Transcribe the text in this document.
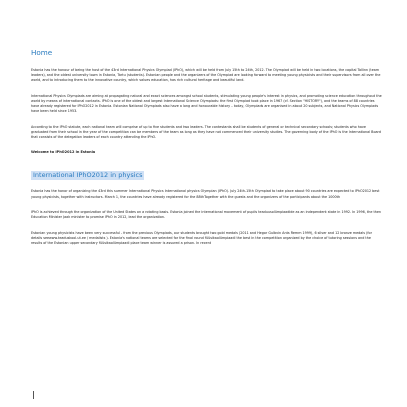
Home

Estonia has the honour of being the host of the 43rd International Physics Olympiad (IPhO), which will be held from July 15th to 24th, 2012. The Olympiad will be held in two locations, the capital Tallinn (team leaders), and the oldest university town in Estonia, Tartu (students). Estonian people and the organizers of the Olympiad are looking forward to meeting young physicists and their supervisors from all over the world, and to introducing them to the innovative country, which values education, has rich cultural heritage and beautiful land.

International Physics Olympiads are aiming at propagating natural and exact sciences amongst school students, stimulating young people's interest in physics, and promoting science education throughout the world by means of international contacts. IPhO is one of the oldest and largest International Science Olympiads: the first Olympiad took place in 1967 (cf. Section "HISTORY"), and the teams of 88 countries have already registered for IPhO2012 in Estonia. Estonian National Olympiads also have a long and honourable history – today, Olympiads are organised in about 20 subjects, and National Physics Olympiads have been held since 1953.

According to the IPhO statute, each national team will comprise of up to five students and two leaders. The contestants shall be students of general or technical secondary schools; students who have graduated from their school in the year of the competition can be members of the team as long as they have not commenced their university studies. The governing body of the IPhO is the International Board that consists of the delegation leaders of each country attending the IPhO.

Welcome to IPhO2012 in Estonia
International IPhO2012 in physics

Estonia has the honor of organizing the 43rd this summer International Physics International physics Olympian (IPhO). July 24th-15th Olympiad to take place about 90 countries are expected to IPhO2012 best young physicists, together with instructors. March 1, the countries have already registered for the 88thTogether with the guests and the organizers of the participants about the 1000th

IPhO is achieved through the organization of the United States on a rotating basis. Estonia joined the international movement of pupils teaduusolümpiaadide as an independent state in 1992. In 1996, the then Education Minister Jaak minister to promise IPhO in 2012, lead the organization.

Estonian young physicists have been very successful - from the previous Olympiads, our students brought two gold medals (2011 and Hegor Gulbvin Ants Remm 1999), 6 silver and 12 bronze medals (for details seewww.teaduskool.ut.ee / medalists ). Estonia's national teams are selected for the final round füüsikaolümpiaadi the best in the competition organized by the choice of tutoring sessions and the results of the Estonian upper secondary füüsikaolümpiaadi place team winner is assured a prison. In recent
